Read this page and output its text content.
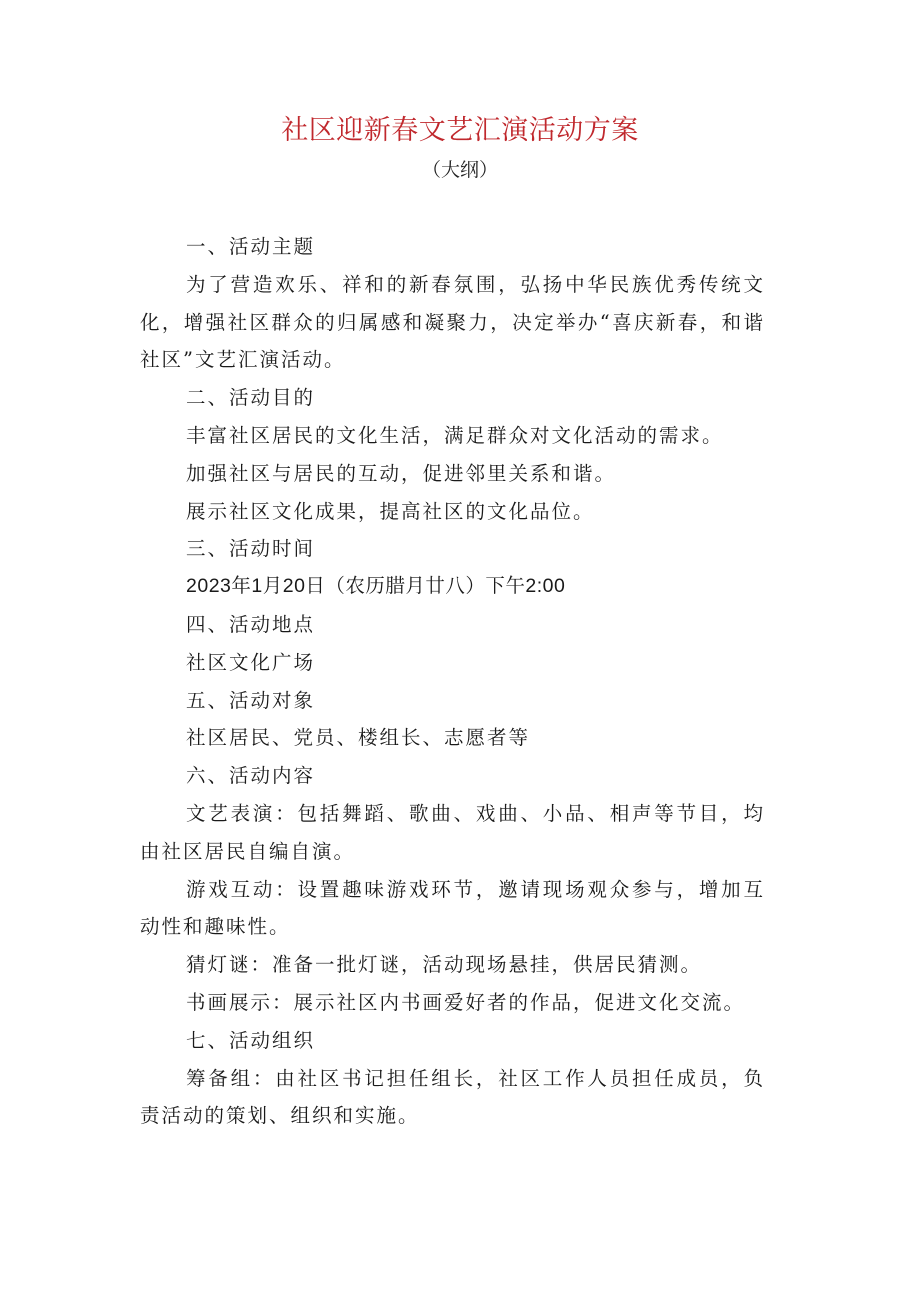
社区迎新春文艺汇演活动方案
（大纲）

一、活动主题

为了营造欢乐、祥和的新春氛围，弘扬中华民族优秀传统文化，增强社区群众的归属感和凝聚力，决定举办“喜庆新春，和谐社区”文艺汇演活动。

二、活动目的

丰富社区居民的文化生活，满足群众对文化活动的需求。

加强社区与居民的互动，促进邻里关系和谐。

展示社区文化成果，提高社区的文化品位。

三、活动时间

2023年1月20日（农历腊月廿八）下午2:00

四、活动地点

社区文化广场

五、活动对象

社区居民、党员、楼组长、志愿者等

六、活动内容

文艺表演：包括舞蹈、歌曲、戏曲、小品、相声等节目，均由社区居民自编自演。

游戏互动：设置趣味游戏环节，邀请现场观众参与，增加互动性和趣味性。

猜灯谜：准备一批灯谜，活动现场悬挂，供居民猜测。

书画展示：展示社区内书画爱好者的作品，促进文化交流。

七、活动组织

筹备组：由社区书记担任组长，社区工作人员担任成员，负责活动的策划、组织和实施。
